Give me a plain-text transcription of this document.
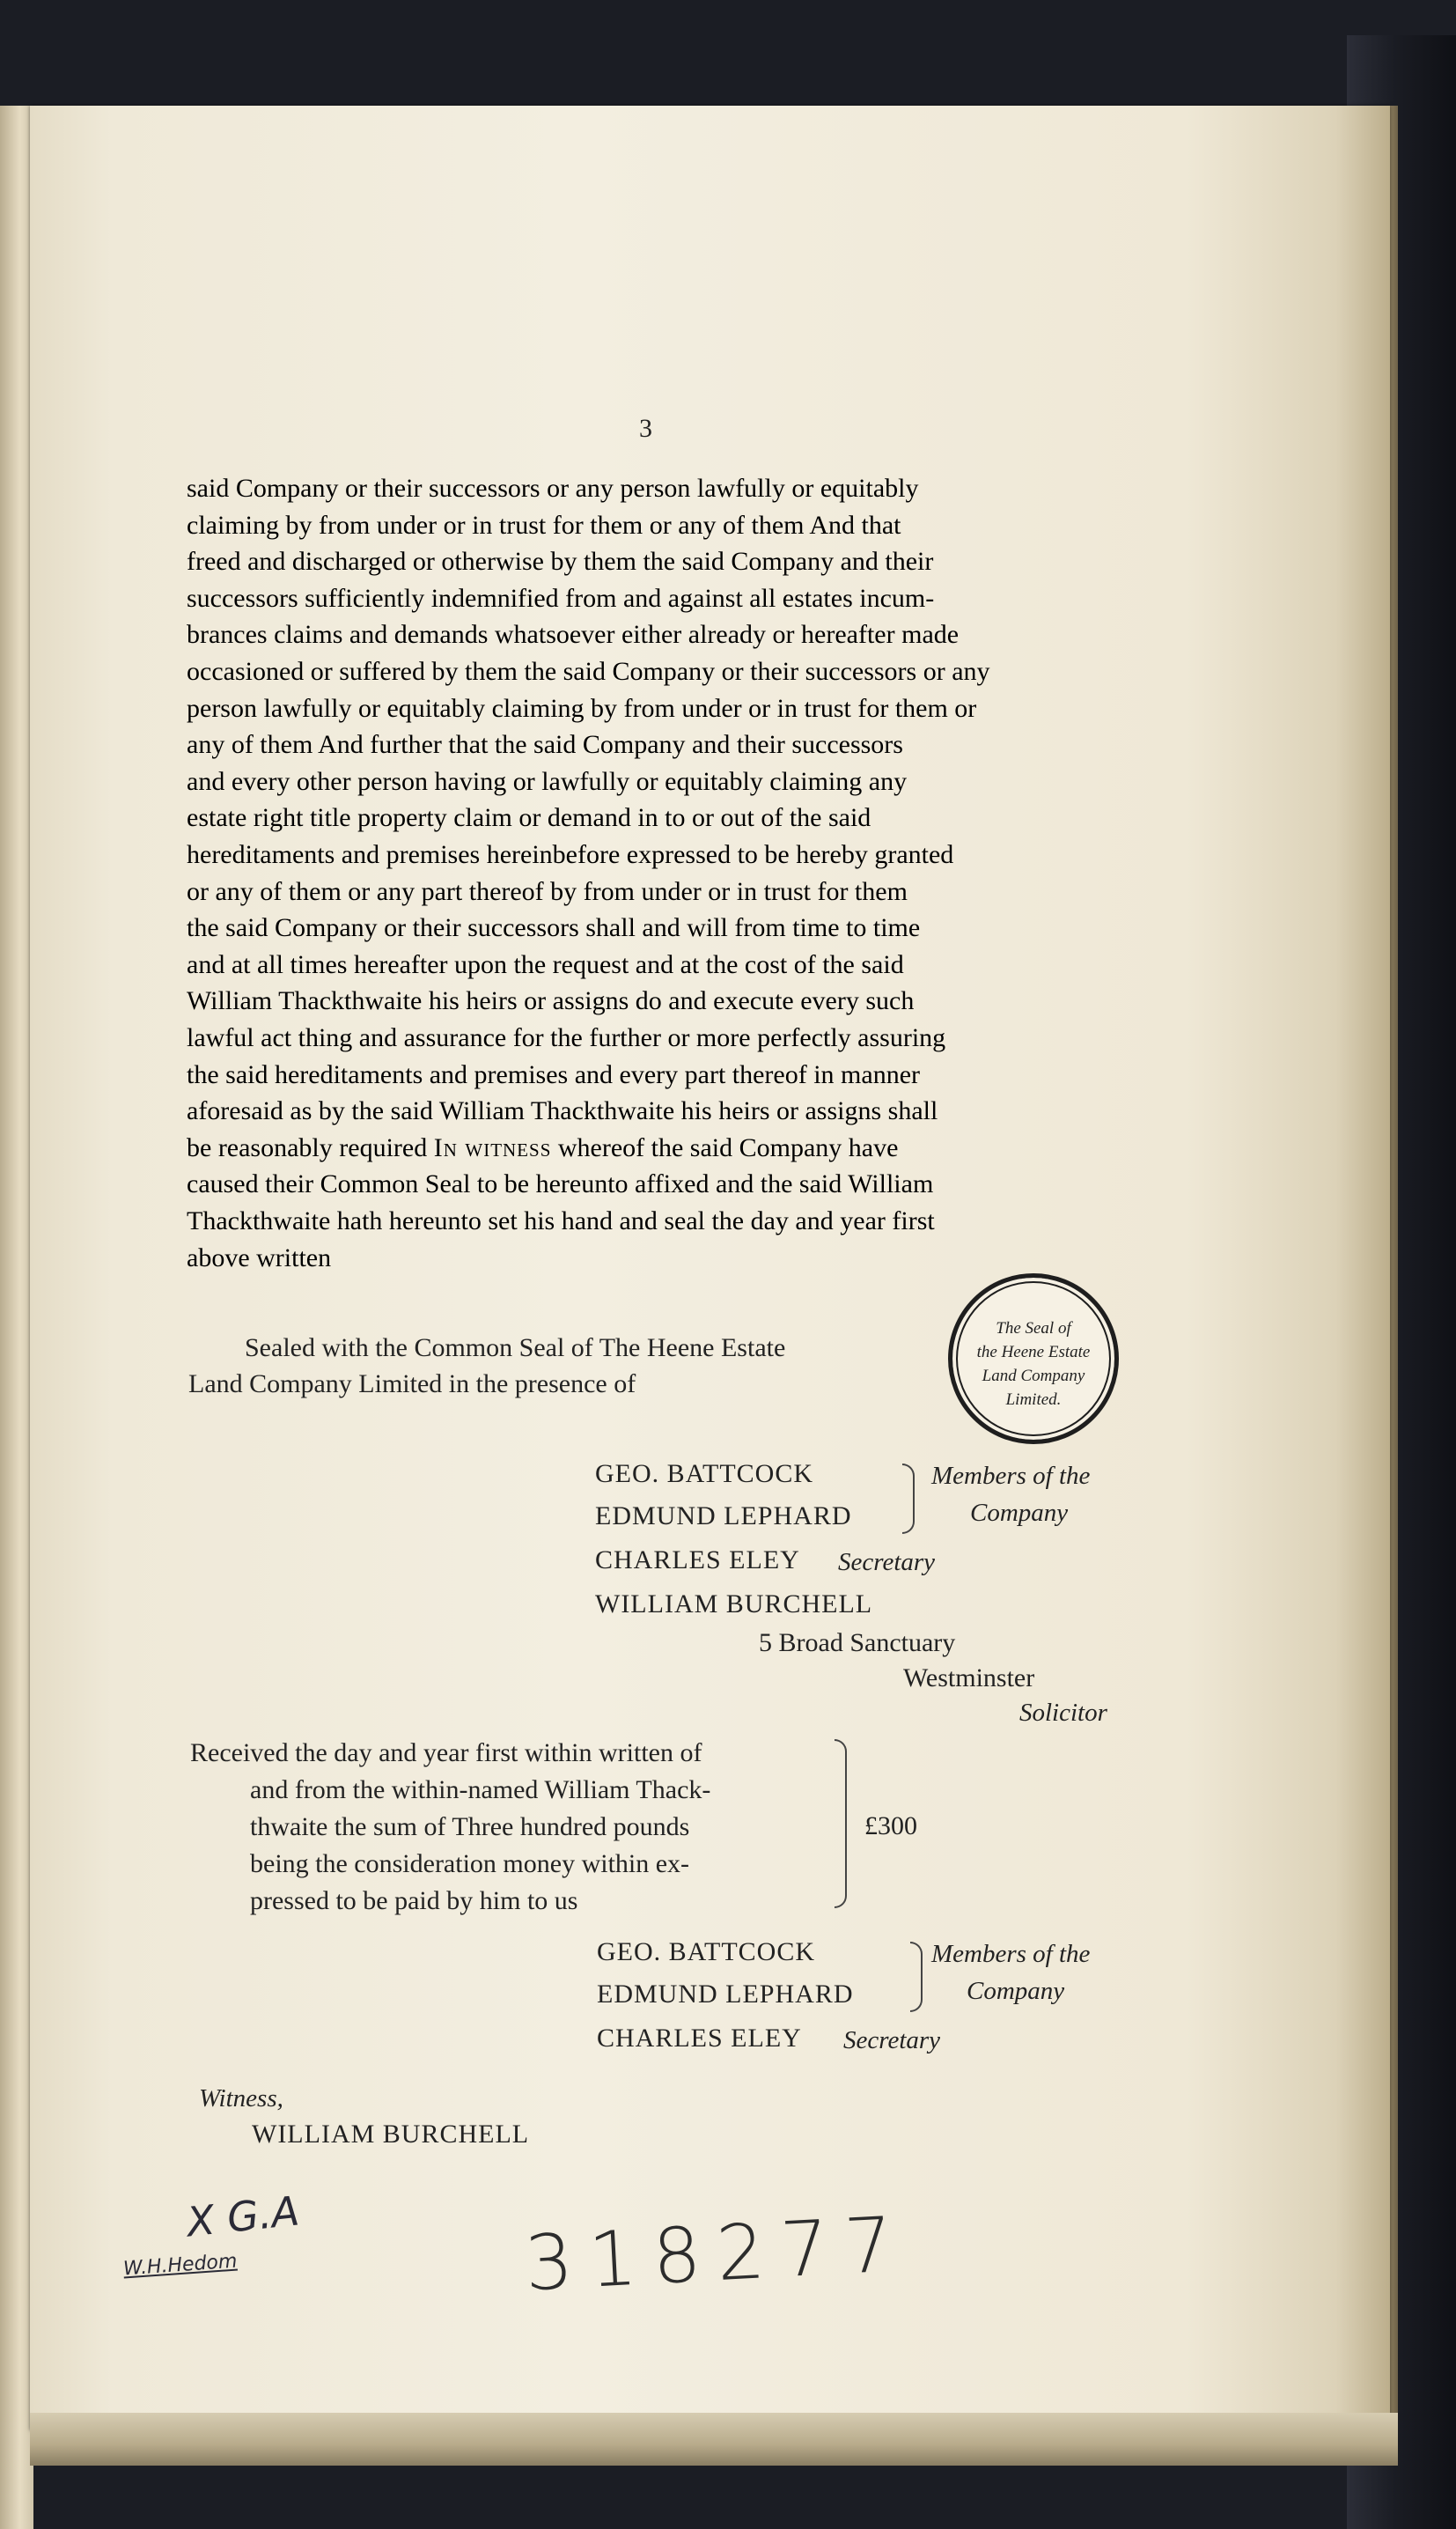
3
said Company or their successors or any person lawfully or equitably
claiming by from under or in trust for them or any of them And that
freed and discharged or otherwise by them the said Company and their
successors sufficiently indemnified from and against all estates incum-
brances claims and demands whatsoever either already or hereafter made
occasioned or suffered by them the said Company or their successors or any
person lawfully or equitably claiming by from under or in trust for them or
any of them And further that the said Company and their successors
and every other person having or lawfully or equitably claiming any
estate right title property claim or demand in to or out of the said
hereditaments and premises hereinbefore expressed to be hereby granted
or any of them or any part thereof by from under or in trust for them
the said Company or their successors shall and will from time to time
and at all times hereafter upon the request and at the cost of the said
William Thackthwaite his heirs or assigns do and execute every such
lawful act thing and assurance for the further or more perfectly assuring
the said hereditaments and premises and every part thereof in manner
aforesaid as by the said William Thackthwaite his heirs or assigns shall
be reasonably required In witness whereof the said Company have
caused their Common Seal to be hereunto affixed and the said William
Thackthwaite hath hereunto set his hand and seal the day and year first
above written
Sealed with the Common Seal of The Heene Estate
Land Company Limited in the presence of
The Seal of
the Heene Estate
Land Company
Limited.
GEO. BATTCOCK
EDMUND LEPHARD
Members of the
Company
CHARLES ELEY Secretary
WILLIAM BURCHELL
5 Broad Sanctuary
Westminster
Solicitor
Received the day and year first within written of
and from the within-named William Thack-
thwaite the sum of Three hundred pounds
being the consideration money within ex-
pressed to be paid by him to us
£300
GEO. BATTCOCK
EDMUND LEPHARD
Members of the
Company
CHARLES ELEY Secretary
Witness,
WILLIAM BURCHELL
X G.A
W.H.Hedom	318277
